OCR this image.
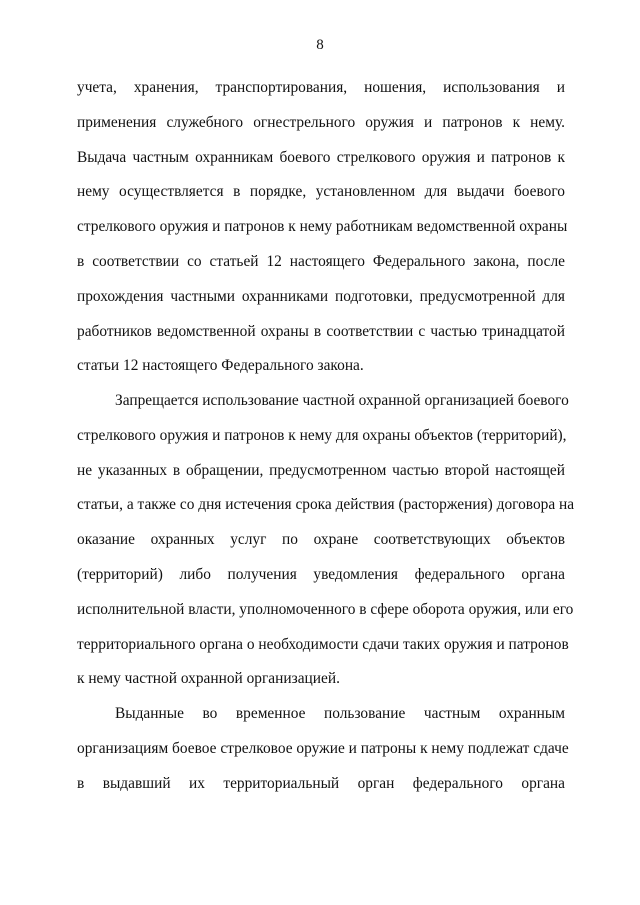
8
учета, хранения, транспортирования, ношения, использования и
применения служебного огнестрельного оружия и патронов к нему.
Выдача частным охранникам боевого стрелкового оружия и патронов к
нему осуществляется в порядке, установленном для выдачи боевого
стрелкового оружия и патронов к нему работникам ведомственной охраны
в соответствии со статьей 12 настоящего Федерального закона, после
прохождения частными охранниками подготовки, предусмотренной для
работников ведомственной охраны в соответствии с частью тринадцатой
статьи 12 настоящего Федерального закона.
Запрещается использование частной охранной организацией боевого
стрелкового оружия и патронов к нему для охраны объектов (территорий),
не указанных в обращении, предусмотренном частью второй настоящей
статьи, а также со дня истечения срока действия (расторжения) договора на
оказание охранных услуг по охране соответствующих объектов
(территорий) либо получения уведомления федерального органа
исполнительной власти, уполномоченного в сфере оборота оружия, или его
территориального органа о необходимости сдачи таких оружия и патронов
к нему частной охранной организацией.
Выданные во временное пользование частным охранным
организациям боевое стрелковое оружие и патроны к нему подлежат сдаче
в выдавший их территориальный орган федерального органа
